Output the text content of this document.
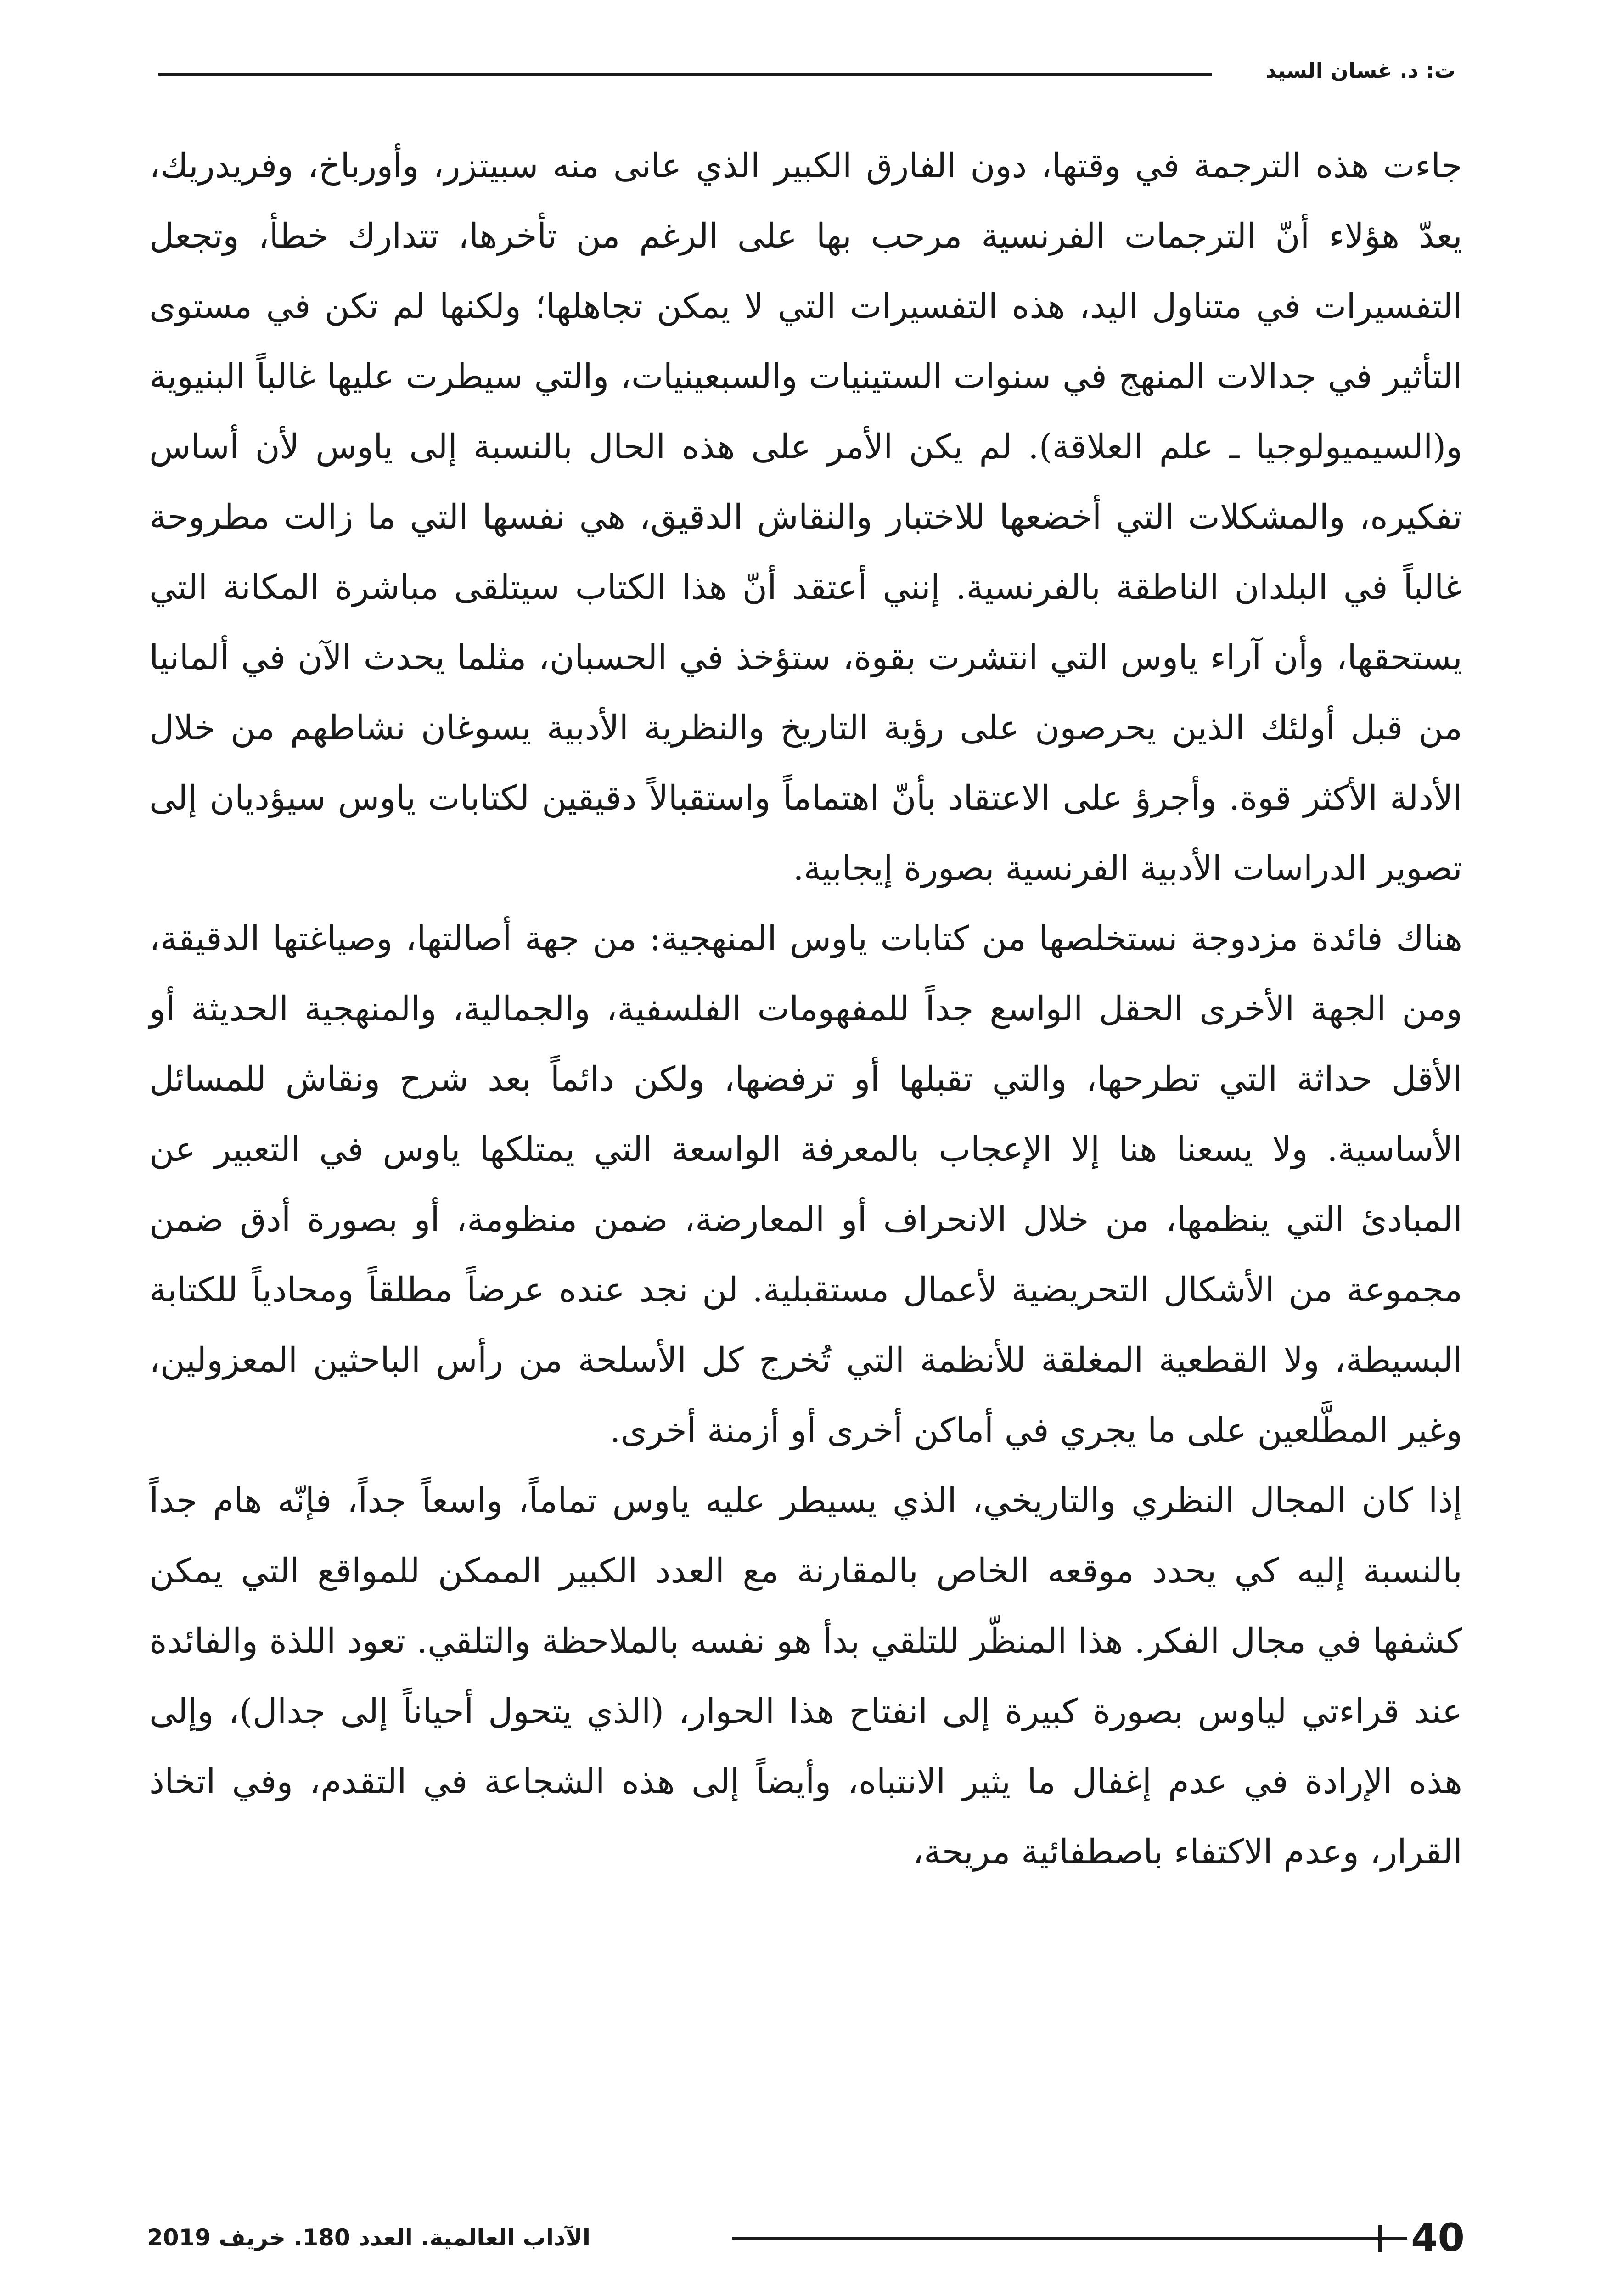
ت: د. غسان السيد

جاءت هذه الترجمة في وقتها، دون الفارق الكبير الذي عانى منه سبيتزر، وأورباخ، وفريدريك، يعدّ هؤلاء أنّ الترجمات الفرنسية مرحب بها على الرغم من تأخرها، تتدارك خطأ، وتجعل التفسيرات في متناول اليد، هذه التفسيرات التي لا يمكن تجاهلها؛ ولكنها لم تكن في مستوى التأثير في جدالات المنهج في سنوات الستينيات والسبعينيات، والتي سيطرت عليها غالباً البنيوية و(السيميولوجيا ـ علم العلاقة). لم يكن الأمر على هذه الحال بالنسبة إلى ياوس لأن أساس تفكيره، والمشكلات التي أخضعها للاختبار والنقاش الدقيق، هي نفسها التي ما زالت مطروحة غالباً في البلدان الناطقة بالفرنسية. إنني أعتقد أنّ هذا الكتاب سيتلقى مباشرة المكانة التي يستحقها، وأن آراء ياوس التي انتشرت بقوة، ستؤخذ في الحسبان، مثلما يحدث الآن في ألمانيا من قبل أولئك الذين يحرصون على رؤية التاريخ والنظرية الأدبية يسوغان نشاطهم من خلال الأدلة الأكثر قوة. وأجرؤ على الاعتقاد بأنّ اهتماماً واستقبالاً دقيقين لكتابات ياوس سيؤديان إلى تصوير الدراسات الأدبية الفرنسية بصورة إيجابية.

هناك فائدة مزدوجة نستخلصها من كتابات ياوس المنهجية: من جهة أصالتها، وصياغتها الدقيقة، ومن الجهة الأخرى الحقل الواسع جداً للمفهومات الفلسفية، والجمالية، والمنهجية الحديثة أو الأقل حداثة التي تطرحها، والتي تقبلها أو ترفضها، ولكن دائماً بعد شرح ونقاش للمسائل الأساسية. ولا يسعنا هنا إلا الإعجاب بالمعرفة الواسعة التي يمتلكها ياوس في التعبير عن المبادئ التي ينظمها، من خلال الانحراف أو المعارضة، ضمن منظومة، أو بصورة أدق ضمن مجموعة من الأشكال التحريضية لأعمال مستقبلية. لن نجد عنده عرضاً مطلقاً ومحادياً للكتابة البسيطة، ولا القطعية المغلقة للأنظمة التي تُخرج كل الأسلحة من رأس الباحثين المعزولين، وغير المطَّلعين على ما يجري في أماكن أخرى أو أزمنة أخرى.

إذا كان المجال النظري والتاريخي، الذي يسيطر عليه ياوس تماماً، واسعاً جداً، فإنّه هام جداً بالنسبة إليه كي يحدد موقعه الخاص بالمقارنة مع العدد الكبير الممكن للمواقع التي يمكن كشفها في مجال الفكر. هذا المنظّر للتلقي بدأ هو نفسه بالملاحظة والتلقي. تعود اللذة والفائدة عند قراءتي لياوس بصورة كبيرة إلى انفتاح هذا الحوار، (الذي يتحول أحياناً إلى جدال)، وإلى هذه الإرادة في عدم إغفال ما يثير الانتباه، وأيضاً إلى هذه الشجاعة في التقدم، وفي اتخاذ القرار، وعدم الاكتفاء باصطفائية مريحة،

40
الآداب العالمية. العدد 180. خريف 2019
